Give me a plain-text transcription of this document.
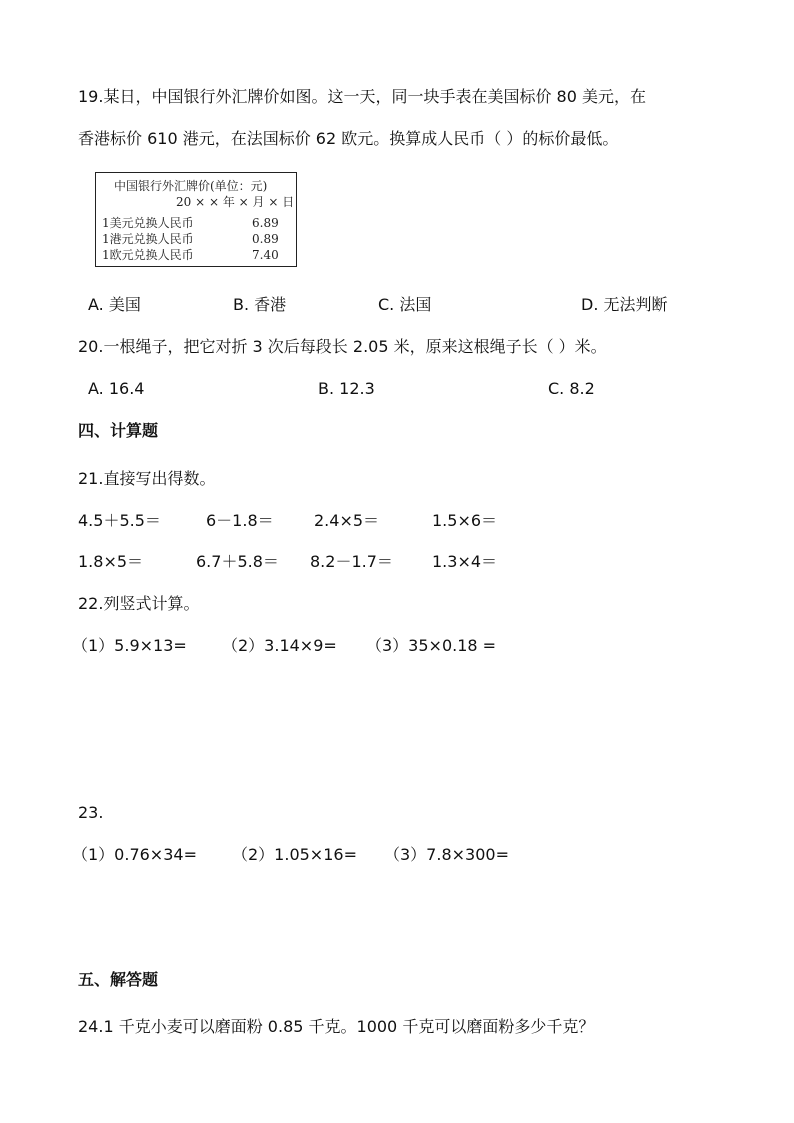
19.某日，中国银行外汇牌价如图。这一天，同一块手表在美国标价 80 美元，在
香港标价 610 港元，在法国标价 62 欧元。换算成人民币（ ）的标价最低。
中国银行外汇牌价(单位：元)
20 × × 年 × 月 × 日
1美元兑换人民币	6.89
1港元兑换人民币	0.89
1欧元兑换人民币	7.40
A. 美国	B. 香港	C. 法国	D. 无法判断
20.一根绳子，把它对折 3 次后每段长 2.05 米，原来这根绳子长（ ）米。
A. 16.4	B. 12.3	C. 8.2
四、计算题
21.直接写出得数。
4.5＋5.5＝	6－1.8＝	2.4×5＝	1.5×6＝
1.8×5＝	6.7＋5.8＝ 8.2－1.7＝ 1.3×4＝
22.列竖式计算。
（1）5.9×13= （2）3.14×9= （3）35×0.18 =
23.
（1）0.76×34= （2）1.05×16= （3）7.8×300=
五、解答题
24.1 千克小麦可以磨面粉 0.85 千克。1000 千克可以磨面粉多少千克？
